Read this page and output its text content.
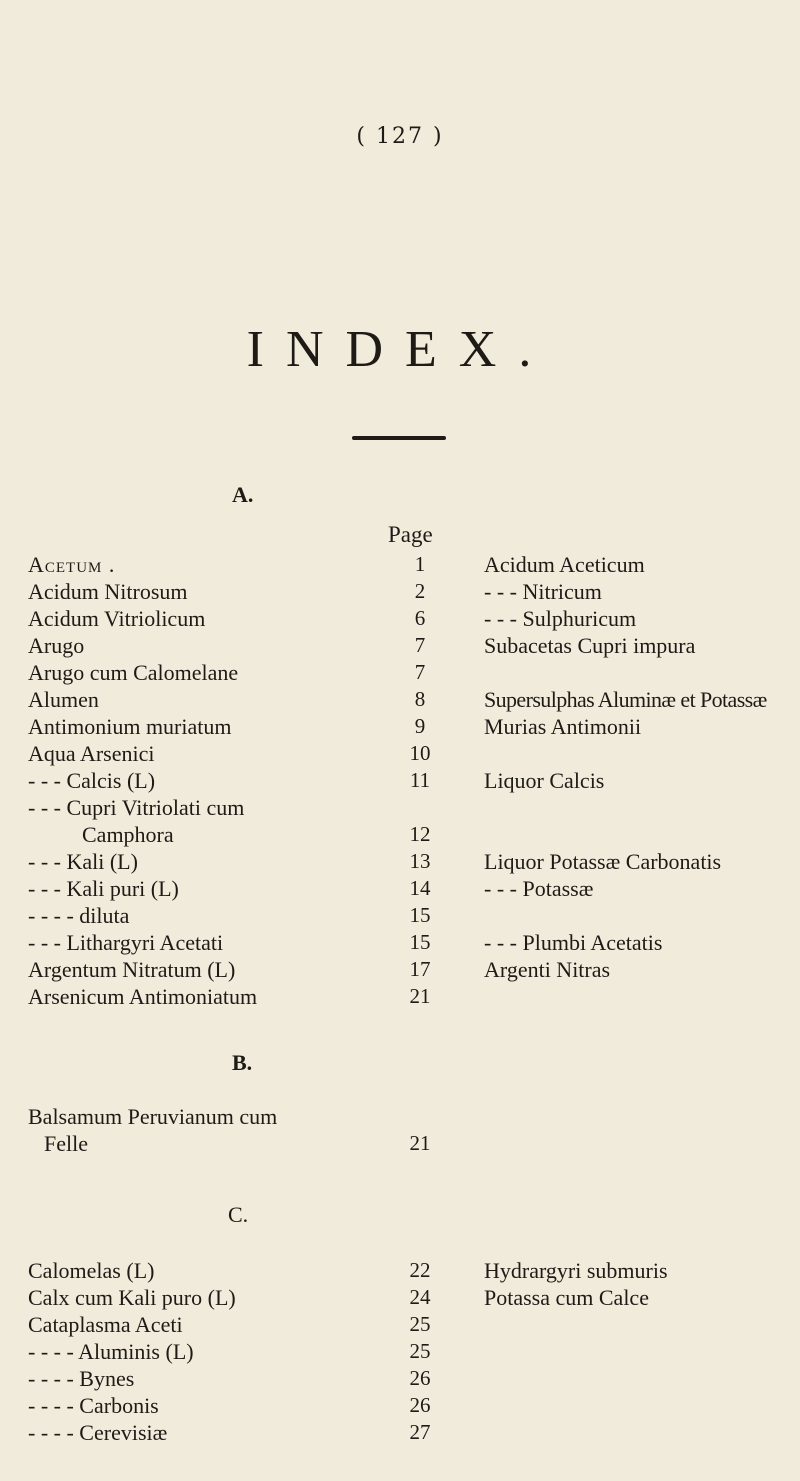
( 127 )
INDEX.
A.
Page
Acetum .	1	Acidum Aceticum
Acidum Nitrosum	2	- - - Nitricum
Acidum Vitriolicum	6	- - - Sulphuricum
Arugo	7	Subacetas Cupri impura
Arugo cum Calomelane	7
Alumen	8	Supersulphas Aluminæ et Potassæ
Antimonium muriatum	9	Murias Antimonii
Aqua Arsenici	10
- - - Calcis (L)	11	Liquor Calcis
- - - Cupri Vitriolati cum
Camphora	12
- - - Kali (L)	13	Liquor Potassæ Carbonatis
- - - Kali puri (L)	14	- - - Potassæ
- - - - diluta	15
- - - Lithargyri Acetati	15	- - - Plumbi Acetatis
Argentum Nitratum (L)	17	Argenti Nitras
Arsenicum Antimoniatum	21
B.
Balsamum Peruvianum cum
Felle	21
C.
Calomelas (L)	22	Hydrargyri submuris
Calx cum Kali puro (L)	24	Potassa cum Calce
Cataplasma Aceti	25
- - - - Aluminis (L)	25
- - - - Bynes	26
- - - - Carbonis	26
- - - - Cerevisiæ	27
